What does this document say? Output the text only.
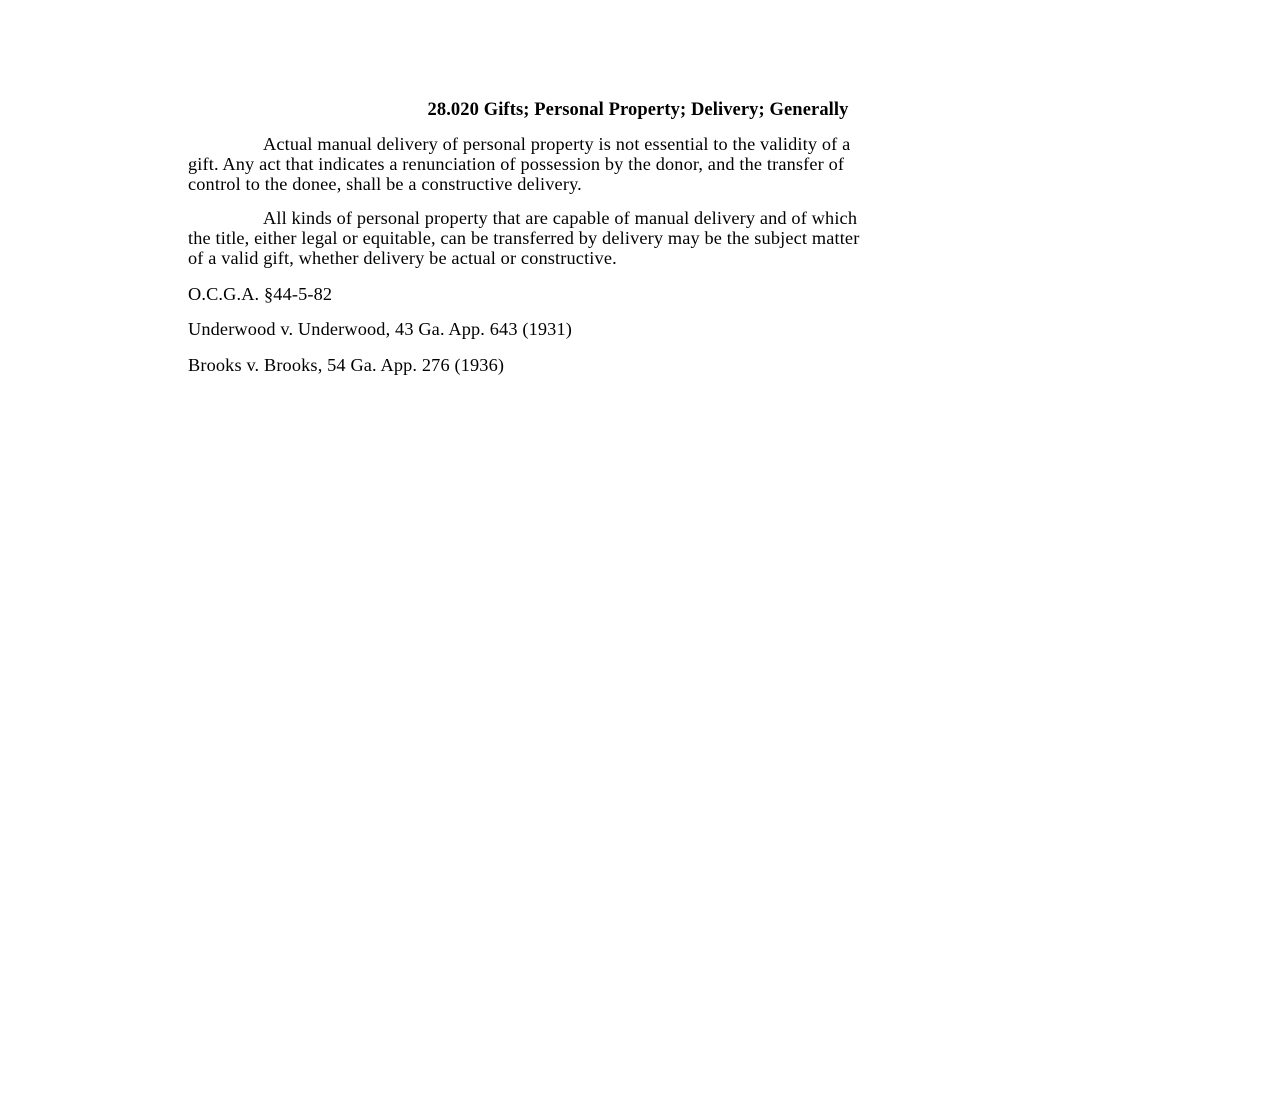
28.020 Gifts; Personal Property; Delivery; Generally

Actual manual delivery of personal property is not essential to the validity of a
gift. Any act that indicates a renunciation of possession by the donor, and the transfer of
control to the donee, shall be a constructive delivery.

All kinds of personal property that are capable of manual delivery and of which
the title, either legal or equitable, can be transferred by delivery may be the subject matter
of a valid gift, whether delivery be actual or constructive.

O.C.G.A. §44-5-82
Underwood v. Underwood, 43 Ga. App. 643 (1931)
Brooks v. Brooks, 54 Ga. App. 276 (1936)
